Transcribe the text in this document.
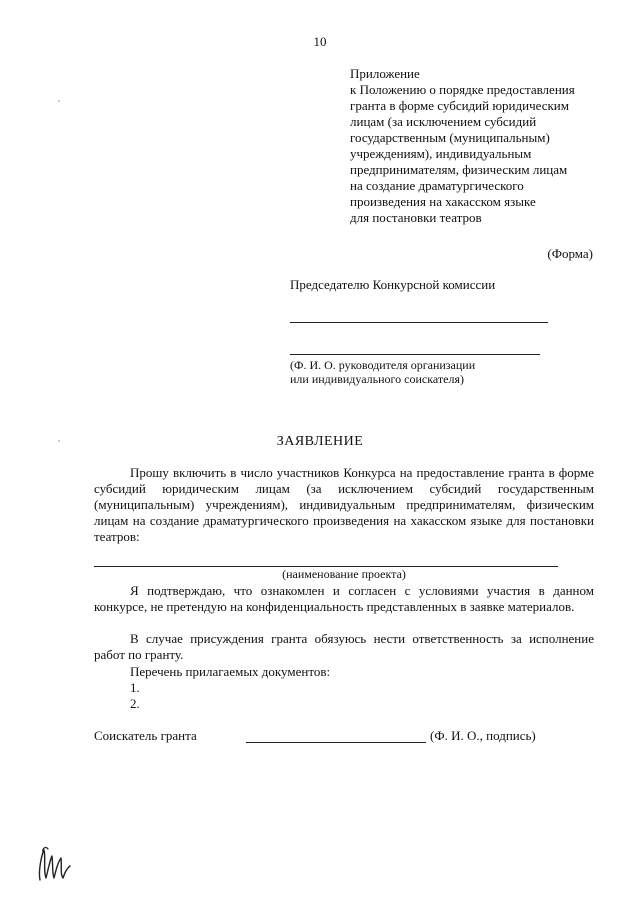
10
Приложение
к Положению о порядке предоставления
гранта в форме субсидий юридическим
лицам (за исключением субсидий
государственным (муниципальным)
учреждениям), индивидуальным
предпринимателям, физическим лицам
на создание драматургического
произведения на хакасском языке
для постановки театров
(Форма)
Председателю Конкурсной комиссии
(Ф. И. О. руководителя организации
или индивидуального соискателя)
ЗАЯВЛЕНИЕ

Прошу включить в число участников Конкурса на предоставление гранта в форме субсидий юридическим лицам (за исключением субсидий государственным (муниципальным) учреждениям), индивидуальным предпринимателям, физическим лицам на создание драматургического произведения на хакасском языке для постановки театров:

(наименование проекта)

Я подтверждаю, что ознакомлен и согласен с условиями участия в данном конкурсе, не претендую на конфиденциальность представленных в заявке материалов.

В случае присуждения гранта обязуюсь нести ответственность за исполнение работ по гранту.

Перечень прилагаемых документов:
1.
2.
Соискатель гранта	(Ф. И. О., подпись)
